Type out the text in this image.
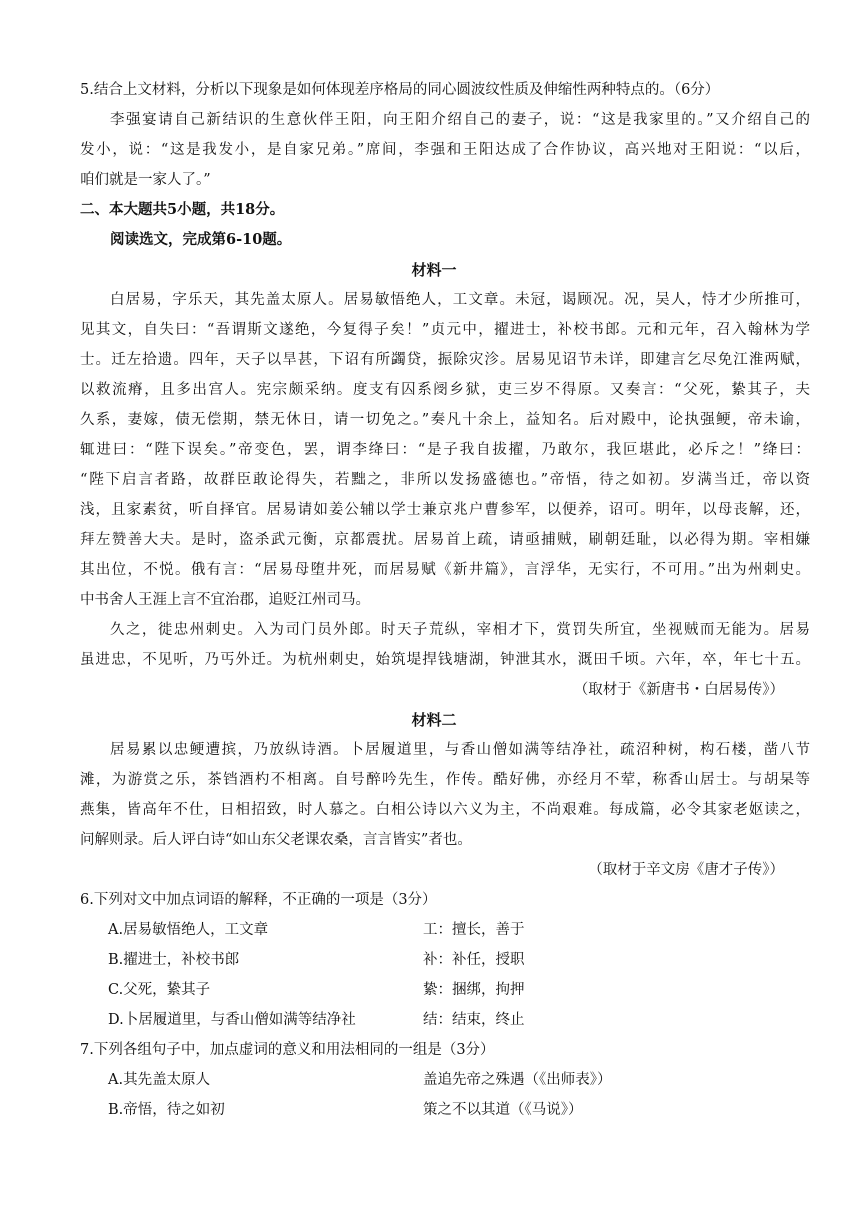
5.结合上文材料，分析以下现象是如何体现差序格局的同心圆波纹性质及伸缩性两种特点的。（6分）
李强宴请自己新结识的生意伙伴王阳，向王阳介绍自己的妻子，说：“这是我家里的。”又介绍自己的
发小，说：“这是我发小，是自家兄弟。”席间，李强和王阳达成了合作协议，高兴地对王阳说：“以后，
咱们就是一家人了。”
二、本大题共5小题，共18分。
阅读选文，完成第6-10题。
材料一
白居易，字乐天，其先盖太原人。居易敏悟绝人，工文章。未冠，谒顾况。况，吴人，恃才少所推可，
见其文，自失曰：“吾谓斯文遂绝，今复得子矣！”贞元中，擢进士，补校书郎。元和元年，召入翰林为学
士。迁左拾遗。四年，天子以旱甚，下诏有所蠲贷，振除灾沴。居易见诏节未详，即建言乞尽免江淮两赋，
以救流瘠，且多出宫人。宪宗颇采纳。度支有囚系阌乡狱，吏三岁不得原。又奏言：“父死，絷其子，夫
久系，妻嫁，债无偿期，禁无休日，请一切免之。”奏凡十余上，益知名。后对殿中，论执强鲠，帝未谕，
辄进曰：“陛下误矣。”帝变色，罢，谓李绛曰：“是子我自拔擢，乃敢尔，我叵堪此，必斥之！”绛曰：
“陛下启言者路，故群臣敢论得失，若黜之，非所以发扬盛德也。”帝悟，待之如初。岁满当迁，帝以资
浅，且家素贫，听自择官。居易请如姜公辅以学士兼京兆户曹参军，以便养，诏可。明年，以母丧解，还，
拜左赞善大夫。是时，盗杀武元衡，京都震扰。居易首上疏，请亟捕贼，刷朝廷耻，以必得为期。宰相嫌
其出位，不悦。俄有言：“居易母堕井死，而居易赋《新井篇》，言浮华，无实行，不可用。”出为州刺史。
中书舍人王涯上言不宜治郡，追贬江州司马。
久之，徙忠州刺史。入为司门员外郎。时天子荒纵，宰相才下，赏罚失所宜，坐视贼而无能为。居易
虽进忠，不见听，乃丐外迁。为杭州刺史，始筑堤捍钱塘湖，钟泄其水，溉田千顷。六年，卒，年七十五。
（取材于《新唐书・白居易传》）
材料二
居易累以忠鲠遭摈，乃放纵诗酒。卜居履道里，与香山僧如满等结净社，疏沼种树，构石楼，凿八节
滩，为游赏之乐，茶铛酒杓不相离。自号醉吟先生，作传。酷好佛，亦经月不荤，称香山居士。与胡杲等
燕集，皆高年不仕，日相招致，时人慕之。白相公诗以六义为主，不尚艰难。每成篇，必令其家老妪读之，
问解则录。后人评白诗“如山东父老课农桑，言言皆实”者也。
（取材于辛文房《唐才子传》）
6.下列对文中加点词语的解释，不正确的一项是（3分）
A.居易敏悟绝人，工文章	工：擅长，善于
B.擢进士，补校书郎	补：补任，授职
C.父死，絷其子	絷：捆绑，拘押
D.卜居履道里，与香山僧如满等结净社	结：结束，终止
7.下列各组句子中，加点虚词的意义和用法相同的一组是（3分）
A.其先盖太原人	盖追先帝之殊遇（《出师表》）
B.帝悟，待之如初	策之不以其道（《马说》）
